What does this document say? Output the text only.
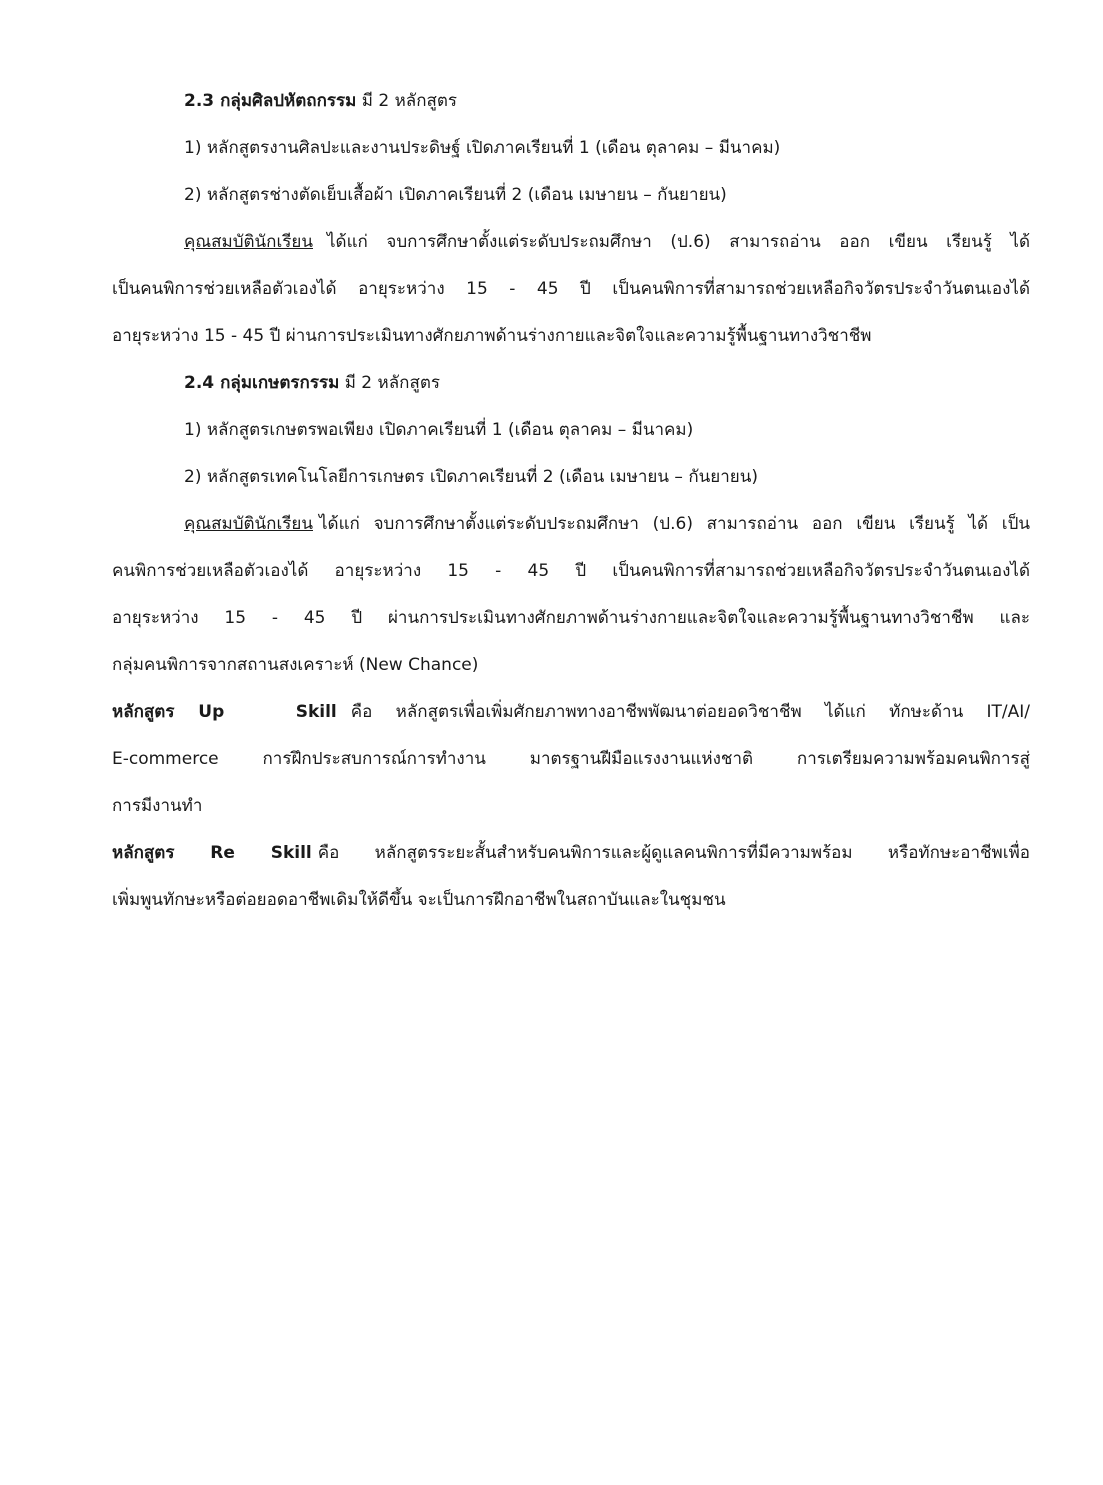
2.3 กลุ่มศิลปหัตถกรรม มี 2 หลักสูตร
1) หลักสูตรงานศิลปะและงานประดิษฐ์ เปิดภาคเรียนที่ 1 (เดือน ตุลาคม – มีนาคม)
2) หลักสูตรช่างตัดเย็บเสื้อผ้า เปิดภาคเรียนที่ 2 (เดือน เมษายน – กันยายน)
คุณสมบัตินักเรียน ได้แก่ จบการศึกษาตั้งแต่ระดับประถมศึกษา (ป.6) สามารถอ่าน ออก เขียน เรียนรู้ ได้
เป็นคนพิการช่วยเหลือตัวเองได้ อายุระหว่าง 15 - 45 ปี เป็นคนพิการที่สามารถช่วยเหลือกิจวัตรประจำวันตนเองได้
อายุระหว่าง 15 - 45 ปี ผ่านการประเมินทางศักยภาพด้านร่างกายและจิตใจและความรู้พื้นฐานทางวิชาชีพ
2.4 กลุ่มเกษตรกรรม มี 2 หลักสูตร
1) หลักสูตรเกษตรพอเพียง เปิดภาคเรียนที่ 1 (เดือน ตุลาคม – มีนาคม)
2) หลักสูตรเทคโนโลยีการเกษตร เปิดภาคเรียนที่ 2 (เดือน เมษายน – กันยายน)
คุณสมบัตินักเรียน ได้แก่ จบการศึกษาตั้งแต่ระดับประถมศึกษา (ป.6) สามารถอ่าน ออก เขียน เรียนรู้ ได้ เป็น
คนพิการช่วยเหลือตัวเองได้ อายุระหว่าง 15 - 45 ปี เป็นคนพิการที่สามารถช่วยเหลือกิจวัตรประจำวันตนเองได้
อายุระหว่าง 15 - 45 ปี ผ่านการประเมินทางศักยภาพด้านร่างกายและจิตใจและความรู้พื้นฐานทางวิชาชีพ และ
กลุ่มคนพิการจากสถานสงเคราะห์ (New Chance)
หลักสูตร Up   Skill คือ หลักสูตรเพื่อเพิ่มศักยภาพทางอาชีพพัฒนาต่อยอดวิชาชีพ ได้แก่ ทักษะด้าน IT/AI/
E-commerce การฝึกประสบการณ์การทำงาน มาตรฐานฝีมือแรงงานแห่งชาติ การเตรียมความพร้อมคนพิการสู่
การมีงานทำ
หลักสูตร Re Skill คือ หลักสูตรระยะสั้นสำหรับคนพิการและผู้ดูแลคนพิการที่มีความพร้อม หรือทักษะอาชีพเพื่อ
เพิ่มพูนทักษะหรือต่อยอดอาชีพเดิมให้ดีขึ้น จะเป็นการฝึกอาชีพในสถาบันและในชุมชน
